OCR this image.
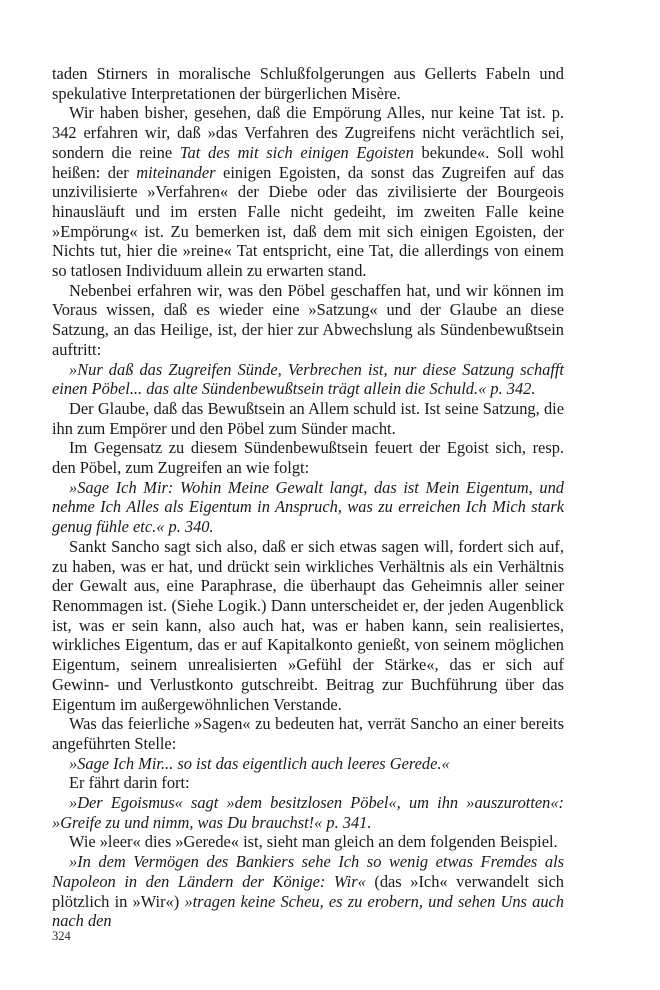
taden Stirners in moralische Schlußfolgerungen aus Gellerts Fabeln und spekulative Interpretationen der bürgerlichen Misère.

Wir haben bisher, gesehen, daß die Empörung Alles, nur keine Tat ist. p. 342 erfahren wir, daß »das Verfahren des Zugreifens nicht verächtlich sei, sondern die reine Tat des mit sich einigen Egoisten bekunde«. Soll wohl heißen: der miteinander einigen Egoisten, da sonst das Zugreifen auf das unzivilisierte »Verfahren« der Diebe oder das zivilisierte der Bourgeois hinausläuft und im ersten Falle nicht gedeiht, im zweiten Falle keine »Empörung« ist. Zu bemerken ist, daß dem mit sich einigen Egoisten, der Nichts tut, hier die »reine« Tat entspricht, eine Tat, die allerdings von einem so tatlosen Individuum allein zu erwarten stand.

Nebenbei erfahren wir, was den Pöbel geschaffen hat, und wir können im Voraus wissen, daß es wieder eine »Satzung« und der Glaube an diese Satzung, an das Heilige, ist, der hier zur Abwechslung als Sündenbewußtsein auftritt:

»Nur daß das Zugreifen Sünde, Verbrechen ist, nur diese Satzung schafft einen Pöbel... das alte Sündenbewußtsein trägt allein die Schuld.« p. 342.

Der Glaube, daß das Bewußtsein an Allem schuld ist. Ist seine Satzung, die ihn zum Empörer und den Pöbel zum Sünder macht.

Im Gegensatz zu diesem Sündenbewußtsein feuert der Egoist sich, resp. den Pöbel, zum Zugreifen an wie folgt:

»Sage Ich Mir: Wohin Meine Gewalt langt, das ist Mein Eigentum, und nehme Ich Alles als Eigentum in Anspruch, was zu erreichen Ich Mich stark genug fühle etc.« p. 340.

Sankt Sancho sagt sich also, daß er sich etwas sagen will, fordert sich auf, zu haben, was er hat, und drückt sein wirkliches Verhältnis als ein Verhältnis der Gewalt aus, eine Paraphrase, die überhaupt das Geheimnis aller seiner Renommagen ist. (Siehe Logik.) Dann unterscheidet er, der jeden Augenblick ist, was er sein kann, also auch hat, was er haben kann, sein realisiertes, wirkliches Eigentum, das er auf Kapitalkonto genießt, von seinem möglichen Eigentum, seinem unrealisierten »Gefühl der Stärke«, das er sich auf Gewinn- und Verlustkonto gutschreibt. Beitrag zur Buchführung über das Eigentum im außergewöhnlichen Verstande.

Was das feierliche »Sagen« zu bedeuten hat, verrät Sancho an einer bereits angeführten Stelle:

»Sage Ich Mir... so ist das eigentlich auch leeres Gerede.«

Er fährt darin fort:

»Der Egoismus« sagt »dem besitzlosen Pöbel«, um ihn »auszurotten«: »Greife zu und nimm, was Du brauchst!« p. 341.

Wie »leer« dies »Gerede« ist, sieht man gleich an dem folgenden Beispiel.

»In dem Vermögen des Bankiers sehe Ich so wenig etwas Fremdes als Napoleon in den Ländern der Könige: Wir« (das »Ich« verwandelt sich plötzlich in »Wir«) »tragen keine Scheu, es zu erobern, und sehen Uns auch nach den

324
